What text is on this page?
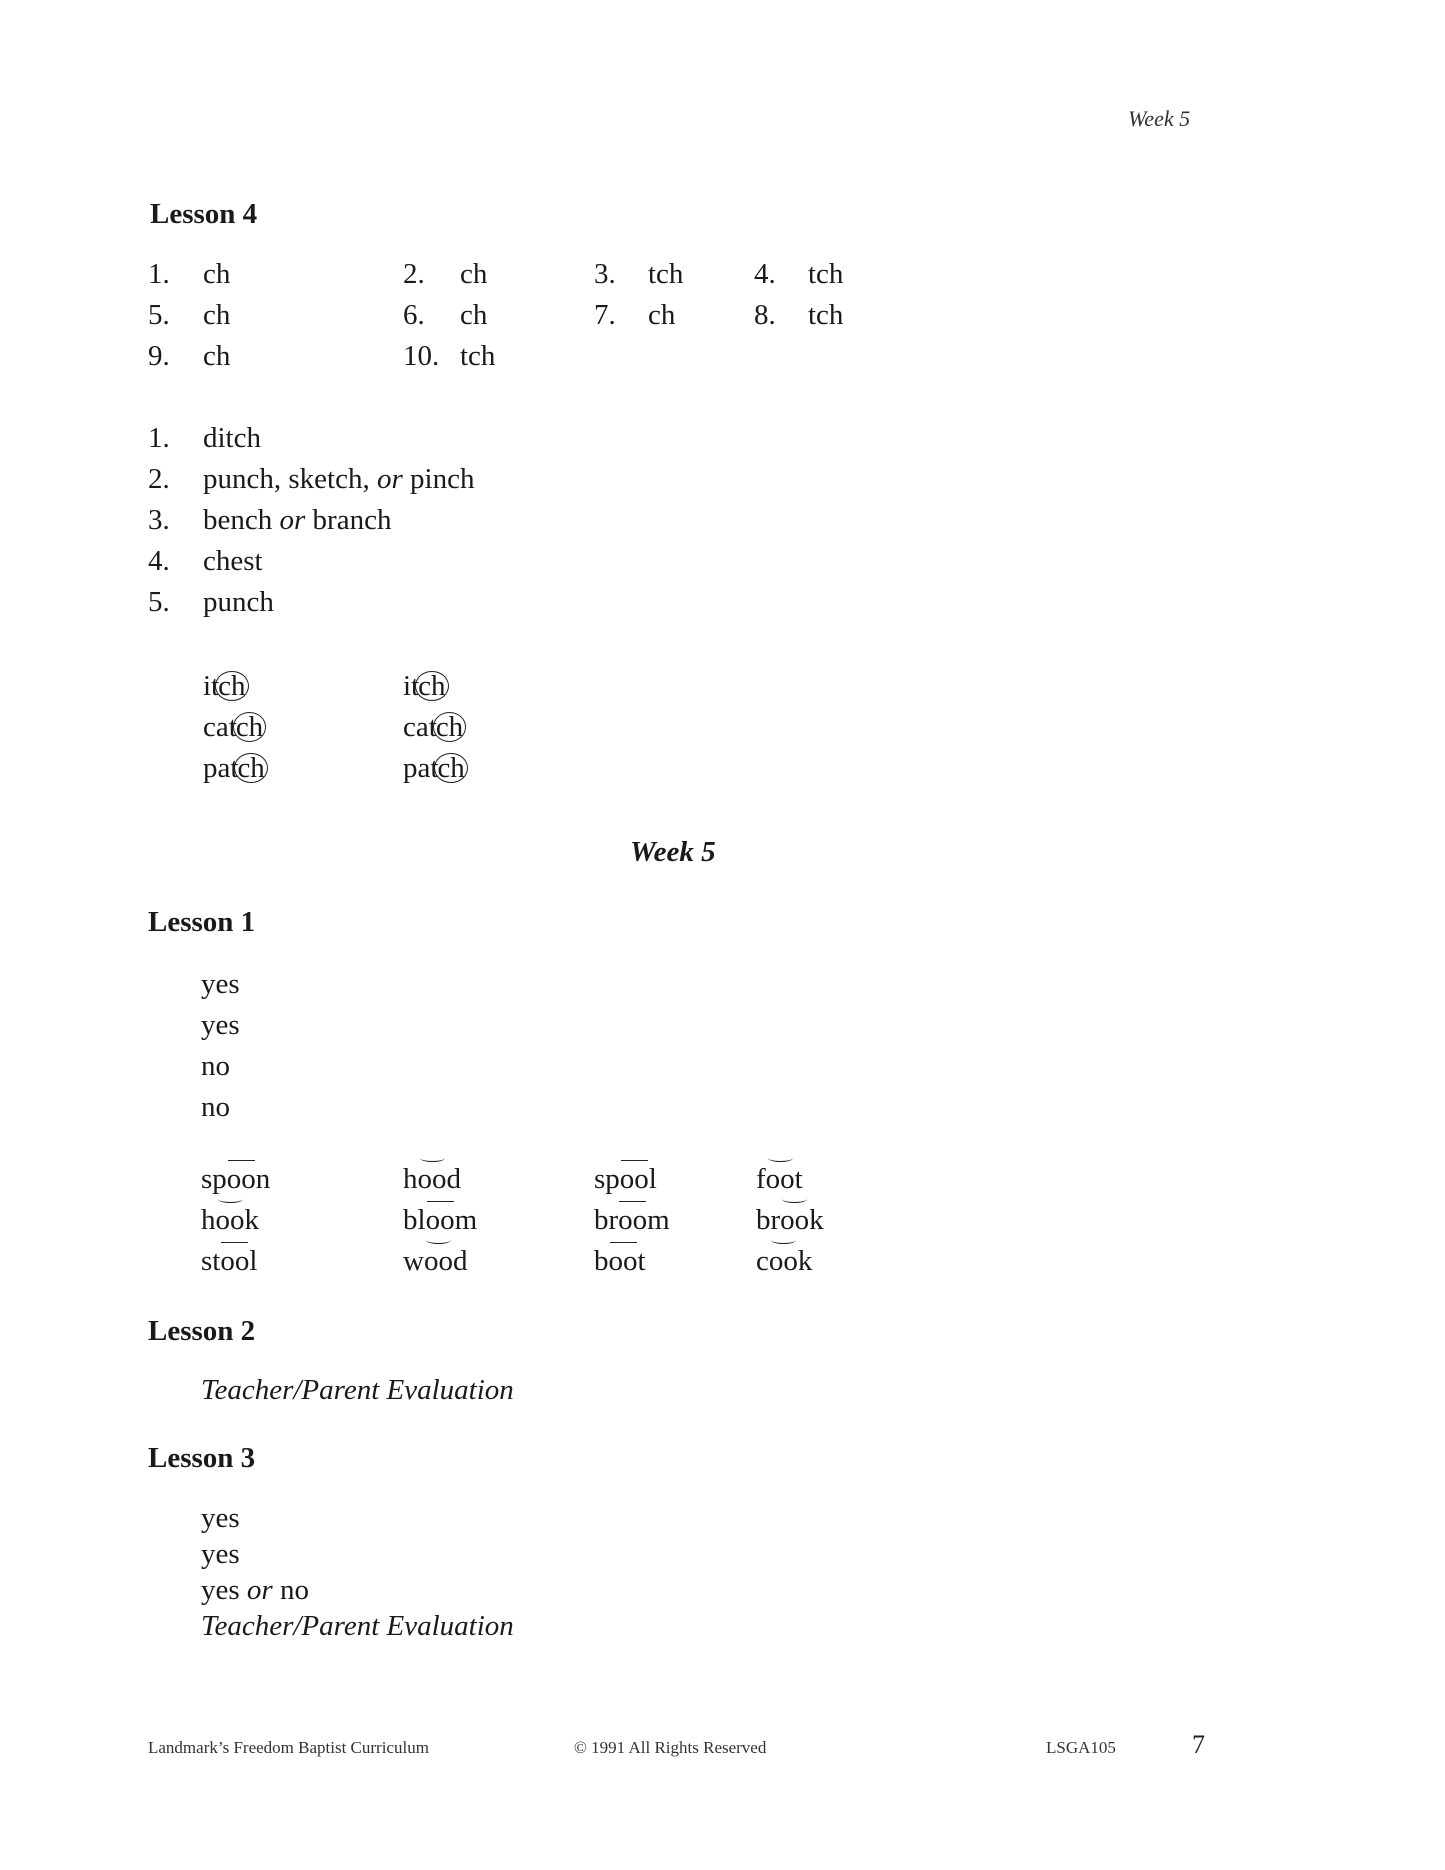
Week 5
Lesson 4
1. ch	2. ch	3. tch 4. tch
5. ch	6. ch	7. ch	8. tch
9. ch	10. tch
1. ditch
2. punch, sketch, or pinch
3. bench or branch
4. chest
5. punch
itch	itch
catch	catch
patch	patch
Week 5
Lesson 1
yes
yes
no
no
spoon	hood	spool	foot
hook	bloom	broom	brook
stool	wood	boot	cook
Lesson 2
Teacher/Parent Evaluation
Lesson 3
yes
yes
yes or no
Teacher/Parent Evaluation
Landmark’s Freedom Baptist Curriculum	© 1991 All Rights Reserved	LSGA105	7
